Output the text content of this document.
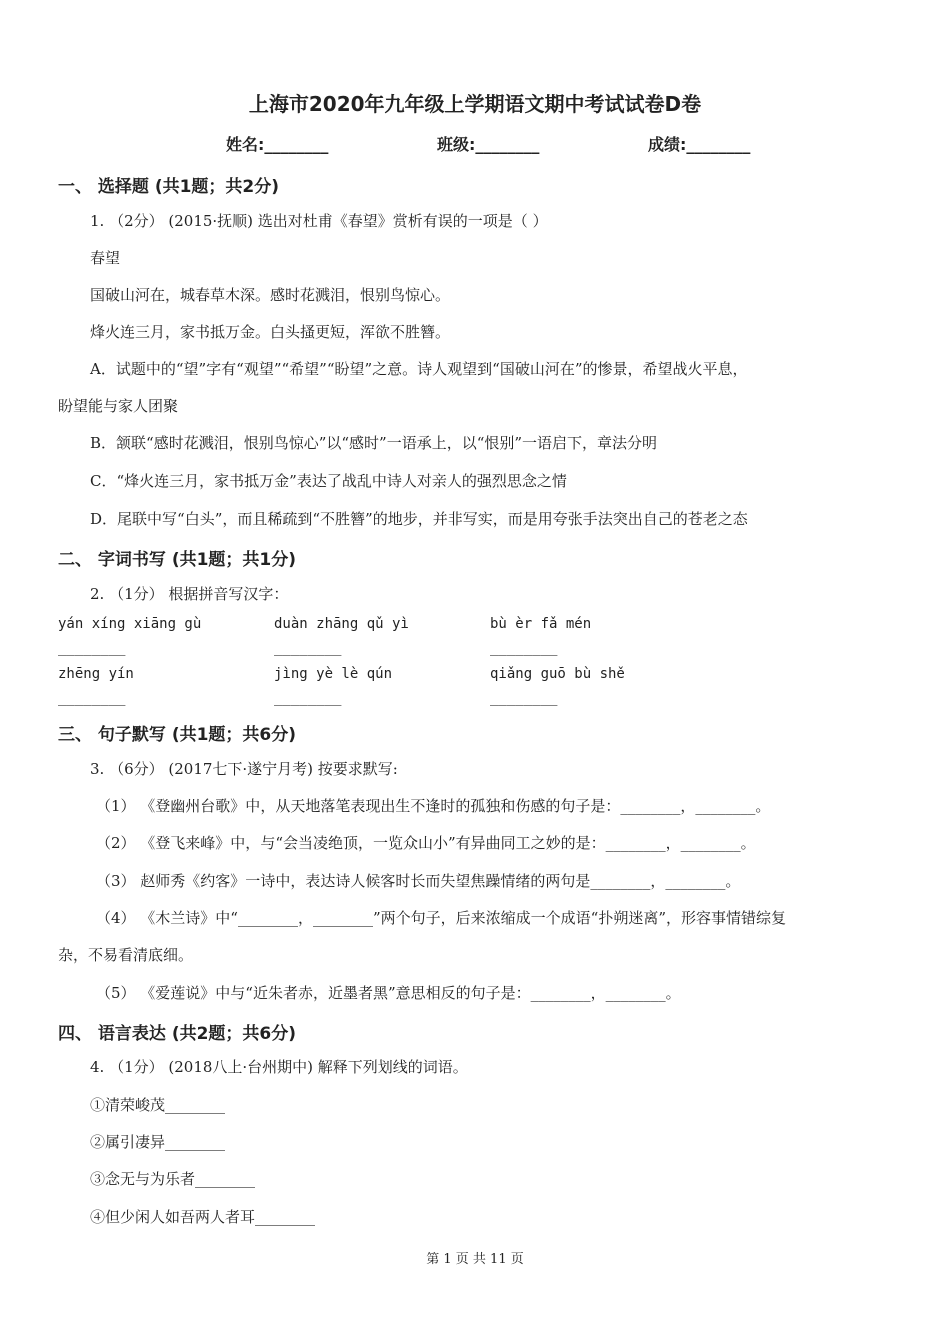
上海市2020年九年级上学期语文期中考试试卷D卷
姓名:________	班级:________	成绩:________
一、 选择题 (共1题；共2分)
1. （2分） (2015·抚顺) 选出对杜甫《春望》赏析有误的一项是（ ）
春望
国破山河在，城春草木深。感时花溅泪，恨别鸟惊心。
烽火连三月，家书抵万金。白头搔更短，浑欲不胜簪。
A．试题中的“望”字有“观望”“希望”“盼望”之意。诗人观望到“国破山河在”的惨景，希望战火平息，
盼望能与家人团聚
B．颔联“感时花溅泪，恨别鸟惊心”以“感时”一语承上，以“恨别”一语启下，章法分明
C．“烽火连三月，家书抵万金”表达了战乱中诗人对亲人的强烈思念之情
D．尾联中写“白头”，而且稀疏到“不胜簪”的地步，并非写实，而是用夸张手法突出自己的苍老之态
二、 字词书写 (共1题；共1分)
2. （1分） 根据拼音写汉字：
yán xíng xiāng gù	duàn zhāng qǔ yì	bù èr fǎ mén
________	________	________
zhēng yín	jìng yè lè qún	qiǎng guō bù shě
________	________	________
三、 句子默写 (共1题；共6分)
3. （6分） (2017七下·遂宁月考) 按要求默写:
（1） 《登幽州台歌》中，从天地落笔表现出生不逢时的孤独和伤感的句子是：________，________。
（2） 《登飞来峰》中，与“会当凌绝顶，一览众山小”有异曲同工之妙的是：________，________。
（3） 赵师秀《约客》一诗中，表达诗人候客时长而失望焦躁情绪的两句是________，________。
（4） 《木兰诗》中“________，________”两个句子，后来浓缩成一个成语“扑朔迷离”，形容事情错综复
杂，不易看清底细。
（5） 《爱莲说》中与“近朱者赤，近墨者黑”意思相反的句子是：________，________。
四、 语言表达 (共2题；共6分)
4. （1分） (2018八上·台州期中) 解释下列划线的词语。
①清荣峻茂________
②属引凄异________
③念无与为乐者________
④但少闲人如吾两人者耳________
第 1 页 共 11 页
